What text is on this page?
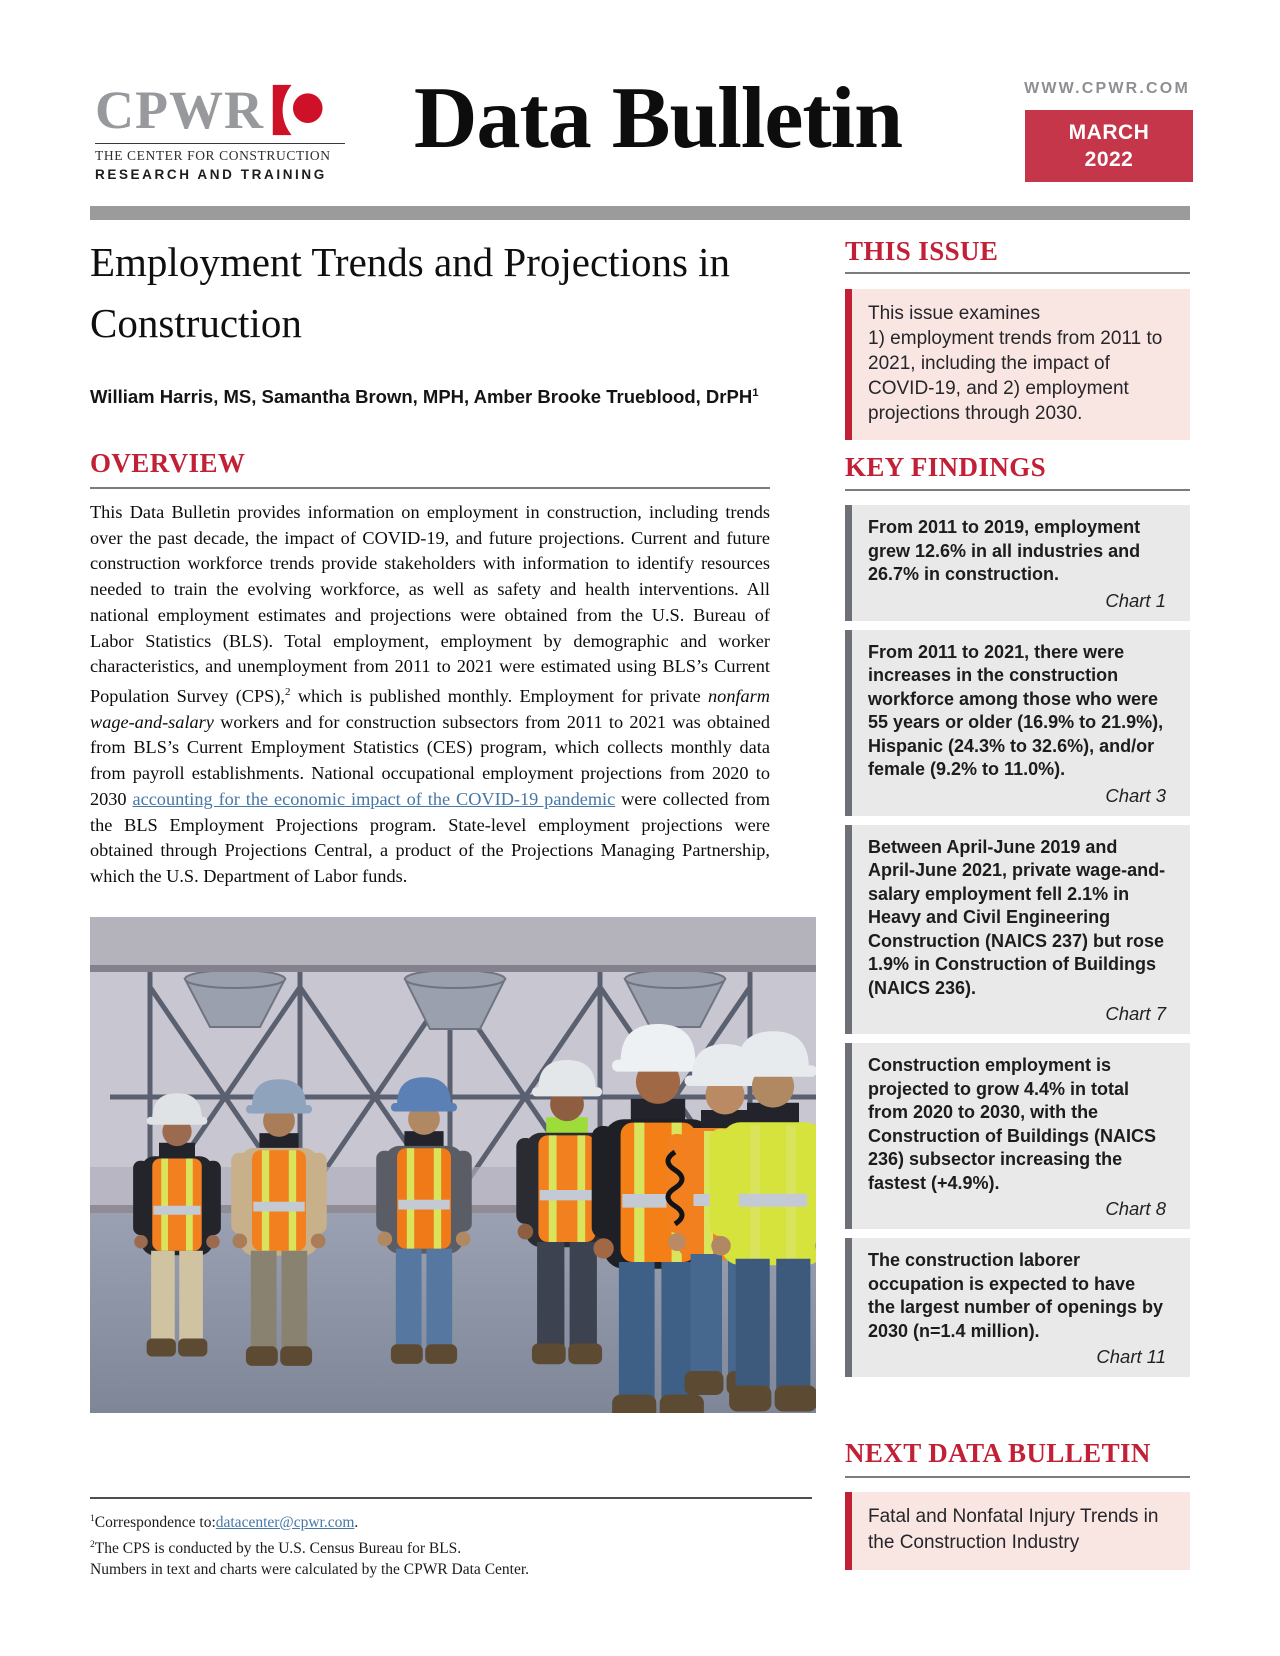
CPWR
THE CENTER FOR CONSTRUCTION
RESEARCH AND TRAINING
Data Bulletin	WWW.CPWR.COM
MARCH
2022
Employment Trends and Projections in Construction
William Harris, MS, Samantha Brown, MPH, Amber Brooke Trueblood, DrPH$^1$
OVERVIEW

This Data Bulletin provides information on employment in construction, including trends over the past decade, the impact of COVID-19, and future projections. Current and future construction workforce trends provide stakeholders with information to identify resources needed to train the evolving workforce, as well as safety and health interventions. All national employment estimates and projections were obtained from the U.S. Bureau of Labor Statistics (BLS). Total employment, employment by demographic and worker characteristics, and unemployment from 2011 to 2021 were estimated using BLS’s Current Population Survey (CPS),$^2$ which is published monthly. Employment for private nonfarm wage-and-salary workers and for construction subsectors from 2011 to 2021 was obtained from BLS’s Current Employment Statistics (CES) program, which collects monthly data from payroll establishments. National occupational employment projections from 2020 to 2030 accounting for the economic impact of the COVID-19 pandemic were collected from the BLS Employment Projections program. State-level employment projections were obtained through Projections Central, a product of the Projections Managing Partnership, which the U.S. Department of Labor funds.

$^1$Correspondence to:datacenter@cpwr.com.
$^2$The CPS is conducted by the U.S. Census Bureau for BLS.
Numbers in text and charts were calculated by the CPWR Data Center.
THIS ISSUE
This issue examines
1) employment trends from 2011 to 2021, including the impact of COVID-19, and 2) employment projections through 2030.
KEY FINDINGS
From 2011 to 2019, employment grew 12.6% in all industries and 26.7% in construction.
Chart 1
From 2011 to 2021, there were increases in the construction workforce among those who were 55 years or older (16.9% to 21.9%), Hispanic (24.3% to 32.6%), and/or female (9.2% to 11.0%).
Chart 3
Between April-June 2019 and April-June 2021, private wage-and-salary employment fell 2.1% in Heavy and Civil Engineering Construction (NAICS 237) but rose 1.9% in Construction of Buildings (NAICS 236).
Chart 7
Construction employment is projected to grow 4.4% in total from 2020 to 2030, with the Construction of Buildings (NAICS 236) subsector increasing the fastest (+4.9%).
Chart 8
The construction laborer occupation is expected to have the largest number of openings by 2030 (n=1.4 million).
Chart 11
NEXT DATA BULLETIN
Fatal and Nonfatal Injury Trends in the Construction Industry
